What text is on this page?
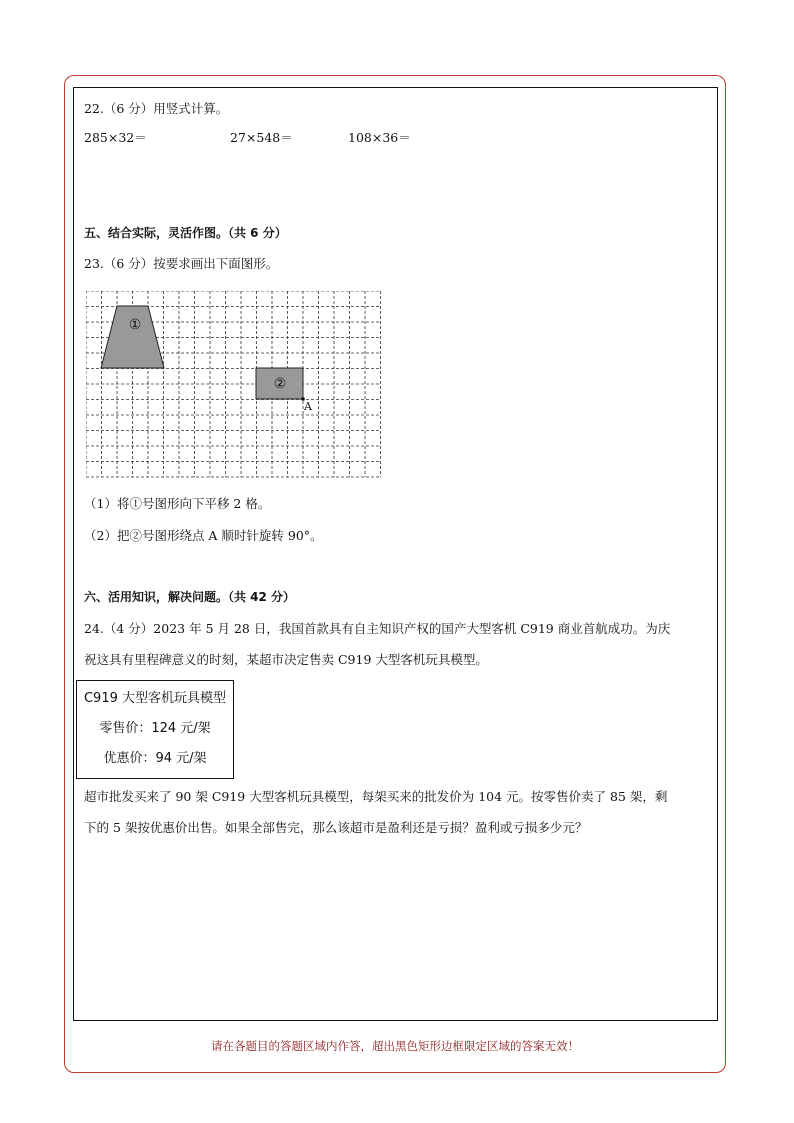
22.（6 分）用竖式计算。
285×32＝	27×548＝	108×36＝
五、结合实际，灵活作图。（共 6 分）
23.（6 分）按要求画出下面图形。
①
②
A
（1）将①号图形向下平移 2 格。
（2）把②号图形绕点 A 顺时针旋转 90°。
六、活用知识，解决问题。（共 42 分）
24.（4 分）2023 年 5 月 28 日，我国首款具有自主知识产权的国产大型客机 C919 商业首航成功。为庆
祝这具有里程碑意义的时刻，某超市决定售卖 C919 大型客机玩具模型。
C919 大型客机玩具模型
零售价：124 元/架
优惠价：94 元/架
超市批发买来了 90 架 C919 大型客机玩具模型，每架买来的批发价为 104 元。按零售价卖了 85 架，剩
下的 5 架按优惠价出售。如果全部售完，那么该超市是盈利还是亏损？盈利或亏损多少元？
请在各题目的答题区域内作答，超出黑色矩形边框限定区域的答案无效！
